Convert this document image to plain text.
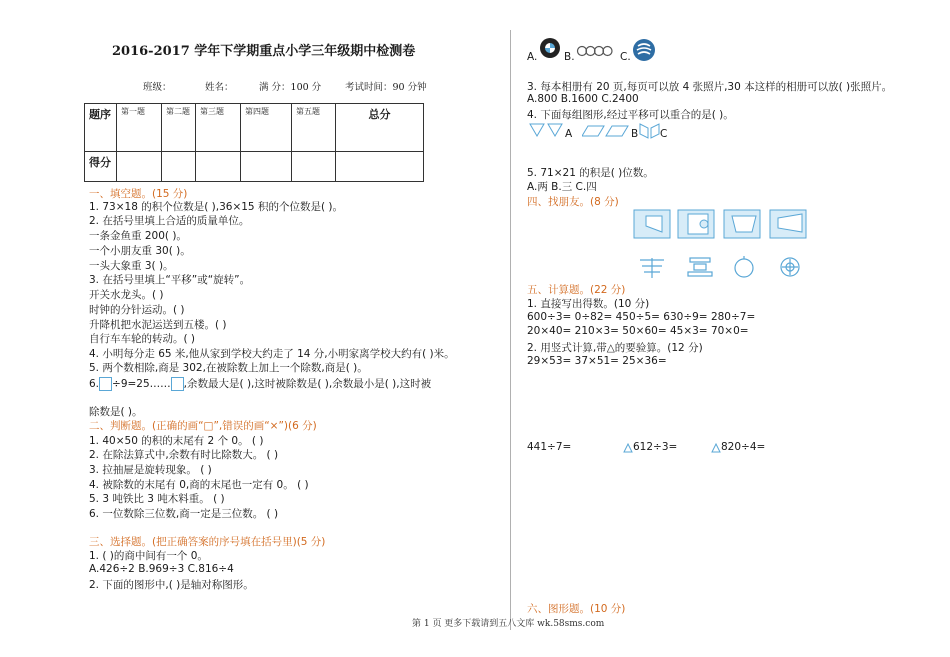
2016-2017 学年下学期重点小学三年级期中检测卷
班级：	姓名：	满 分：100 分	考试时间：90 分钟
题序	第一题	第二题	第三题	第四题	第五题	总分
得分						
一、填空题。(15 分)
1. 73×18 的积个位数是( ),36×15 积的个位数是( )。
2. 在括号里填上合适的质量单位。
一条金鱼重 200( )。
一个小朋友重 30( )。
一头大象重 3( )。
3. 在括号里填上“平移”或“旋转”。
开关水龙头。( )
时钟的分针运动。( )
升降机把水泥运送到五楼。( )
自行车车轮的转动。( )
4. 小明每分走 65 米,他从家到学校大约走了 14 分,小明家离学校大约有( )米。
5. 两个数相除,商是 302,在被除数上加上一个除数,商是( )。
6. ÷9=25…… ,余数最大是( ),这时被除数是( ),余数最小是( ),这时被
除数是( )。
二、判断题。(正确的画“□”,错误的画“×”)(6 分)
1. 40×50 的积的末尾有 2 个 0。 ( )
2. 在除法算式中,余数有时比除数大。 ( )
3. 拉抽屉是旋转现象。 ( )
4. 被除数的末尾有 0,商的末尾也一定有 0。 ( )
5. 3 吨铁比 3 吨木料重。 ( )
6. 一位数除三位数,商一定是三位数。 ( )
三、选择题。(把正确答案的序号填在括号里)(5 分)
1. ( )的商中间有一个 0。
A.426÷2 B.969÷3 C.816÷4
2. 下面的图形中,( )是轴对称图形。
A.	B.	C.
3. 每本相册有 20 页,每页可以放 4 张照片,30 本这样的相册可以放( )张照片。
A.800 B.1600 C.2400
4. 下面每组图形,经过平移可以重合的是( )。
A	B C
5. 71×21 的积是( )位数。
A.两 B.三 C.四
四、找朋友。(8 分)
五、计算题。(22 分)
1. 直接写出得数。(10 分)
600÷3= 0÷82= 450÷5= 630÷9= 280÷7=
20×40= 210×3= 50×60= 45×3= 70×0=
2. 用竖式计算,带△的要验算。(12 分)
29×53= 37×51= 25×36=
441÷7=	612÷3=	820÷4=
六、图形题。(10 分)
第 1 页 更多下载请到五八文库 wk.58sms.com
